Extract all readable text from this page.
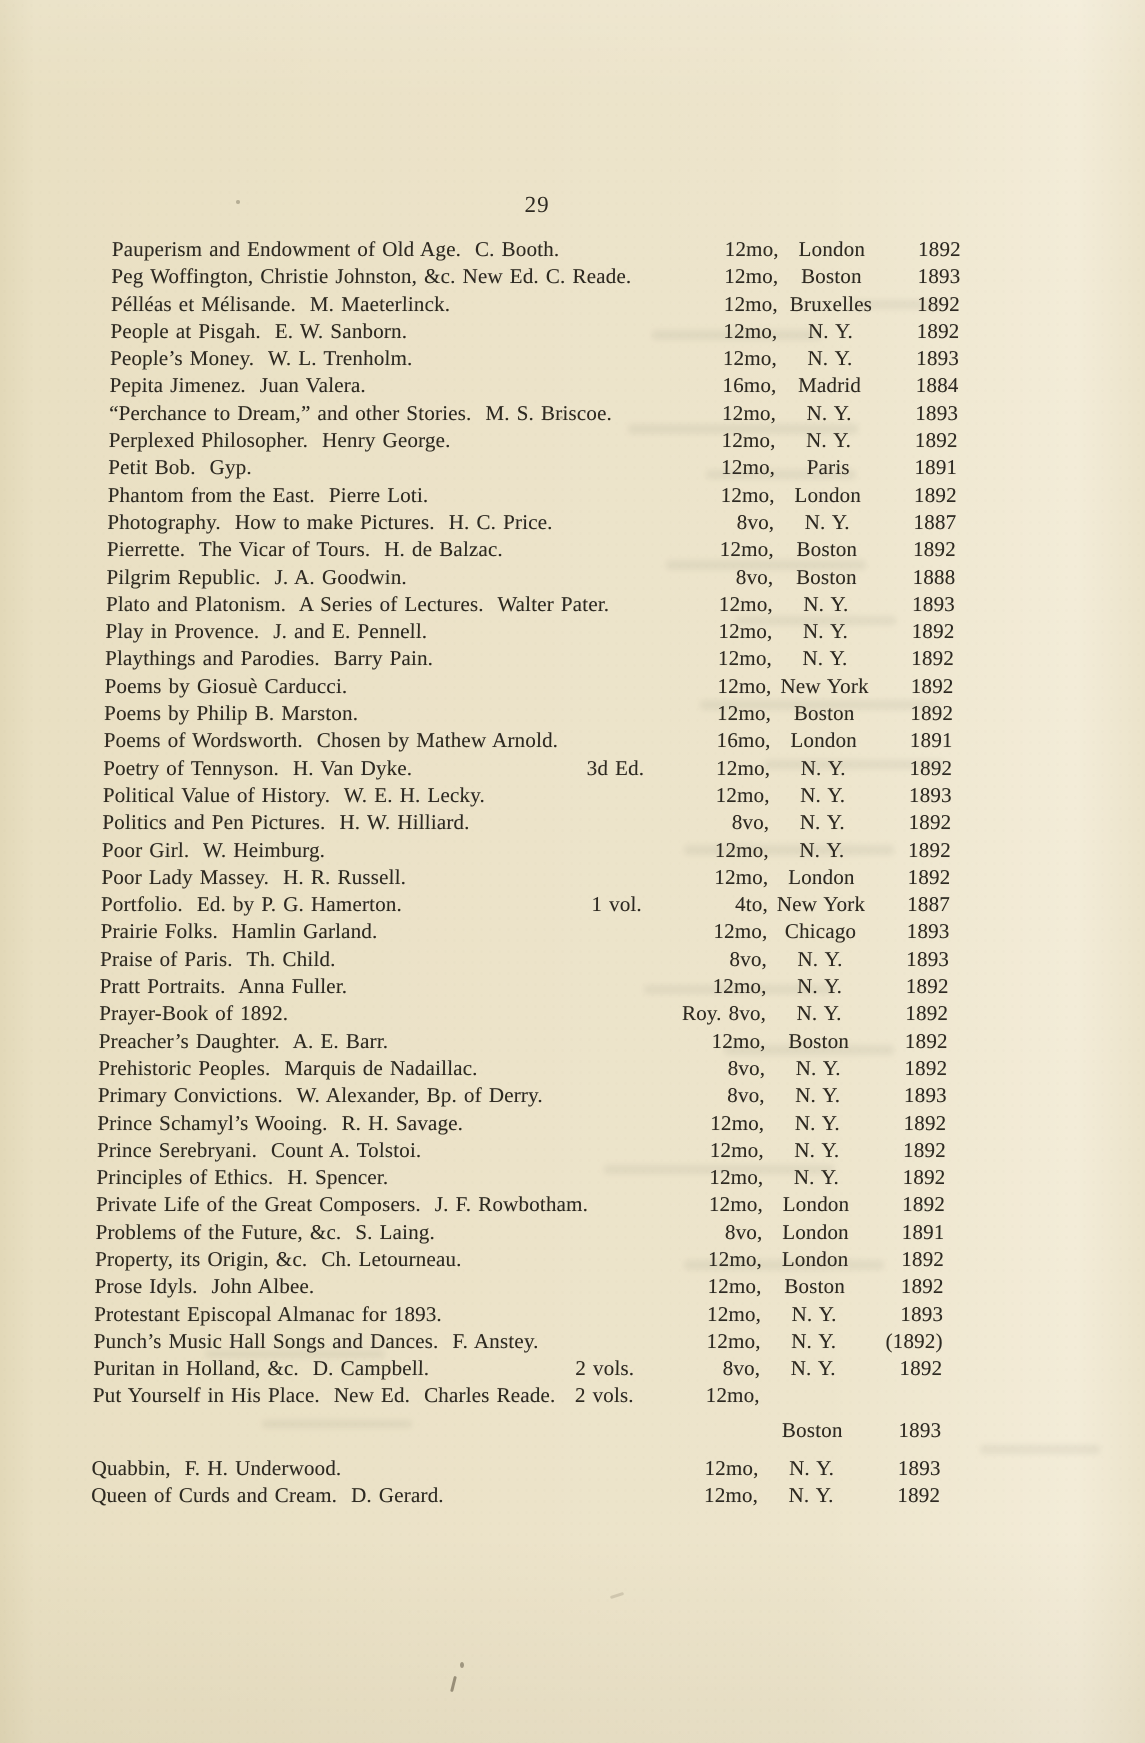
29
Pauperism and Endowment of Old Age.  C. Booth.	12mo, London	1892
Peg Woffington, Christie Johnston, &c. New Ed. C. Reade.	12mo,	Boston	1893
Pélléas et Mélisande.  M. Maeterlinck.	12mo, Bruxelles	1892
People at Pisgah.  E. W. Sanborn.	12mo,	N. Y.	1892
People’s Money.  W. L. Trenholm.	12mo,	N. Y.	1893
Pepita Jimenez.  Juan Valera.	16mo,	Madrid	1884
“Perchance to Dream,” and other Stories.  M. S. Briscoe.	12mo,	N. Y.	1893
Perplexed Philosopher.  Henry George.	12mo,	N. Y.	1892
Petit Bob.  Gyp.	12mo,	Paris	1891
Phantom from the East.  Pierre Loti.	12mo, London	1892
Photography.  How to make Pictures.  H. C. Price.	8vo,	N. Y.	1887
Pierrette.  The Vicar of Tours.  H. de Balzac.	12mo,	Boston	1892
Pilgrim Republic.  J. A. Goodwin.	8vo,	Boston	1888
Plato and Platonism.  A Series of Lectures.  Walter Pater.	12mo,	N. Y.	1893
Play in Provence.  J. and E. Pennell.	12mo,	N. Y.	1892
Playthings and Parodies.  Barry Pain.	12mo,	N. Y.	1892
Poems by Giosuè Carducci.	12mo, New York	1892
Poems by Philip B. Marston.	12mo,	Boston	1892
Poems of Wordsworth.  Chosen by Mathew Arnold.	16mo, London	1891
Poetry of Tennyson.  H. Van Dyke.	3d Ed.	12mo,	N. Y.	1892
Political Value of History.  W. E. H. Lecky.	12mo,	N. Y.	1893
Politics and Pen Pictures.  H. W. Hilliard.	8vo,	N. Y.	1892
Poor Girl.  W. Heimburg.	12mo,	N. Y.	1892
Poor Lady Massey.  H. R. Russell.	12mo, London	1892
Portfolio.  Ed. by P. G. Hamerton.	1 vol.	4to, New York	1887
Prairie Folks.  Hamlin Garland.	12mo, Chicago	1893
Praise of Paris.  Th. Child.	8vo,	N. Y.	1893
Pratt Portraits.  Anna Fuller.	12mo,	N. Y.	1892
Prayer-Book of 1892.	Roy. 8vo,	N. Y.	1892
Preacher’s Daughter.  A. E. Barr.	12mo,	Boston	1892
Prehistoric Peoples.  Marquis de Nadaillac.	8vo,	N. Y.	1892
Primary Convictions.  W. Alexander, Bp. of Derry.	8vo,	N. Y.	1893
Prince Schamyl’s Wooing.  R. H. Savage.	12mo,	N. Y.	1892
Prince Serebryani.  Count A. Tolstoi.	12mo,	N. Y.	1892
Principles of Ethics.  H. Spencer.	12mo,	N. Y.	1892
Private Life of the Great Composers.  J. F. Rowbotham.	12mo, London	1892
Problems of the Future, &c.  S. Laing.	8vo, London	1891
Property, its Origin, &c.  Ch. Letourneau.	12mo, London	1892
Prose Idyls.  John Albee.	12mo,	Boston	1892
Protestant Episcopal Almanac for 1893.	12mo,	N. Y.	1893
Punch’s Music Hall Songs and Dances.  F. Anstey.	12mo,	N. Y.	(1892)
Puritan in Holland, &c.  D. Campbell.	2 vols.	8vo,	N. Y.	1892
Put Yourself in His Place.  New Ed.  Charles Reade. 2 vols.	12mo,
Boston	1893
Quabbin,  F. H. Underwood.	12mo,	N. Y.	1893
Queen of Curds and Cream.  D. Gerard.	12mo,	N. Y.	1892
